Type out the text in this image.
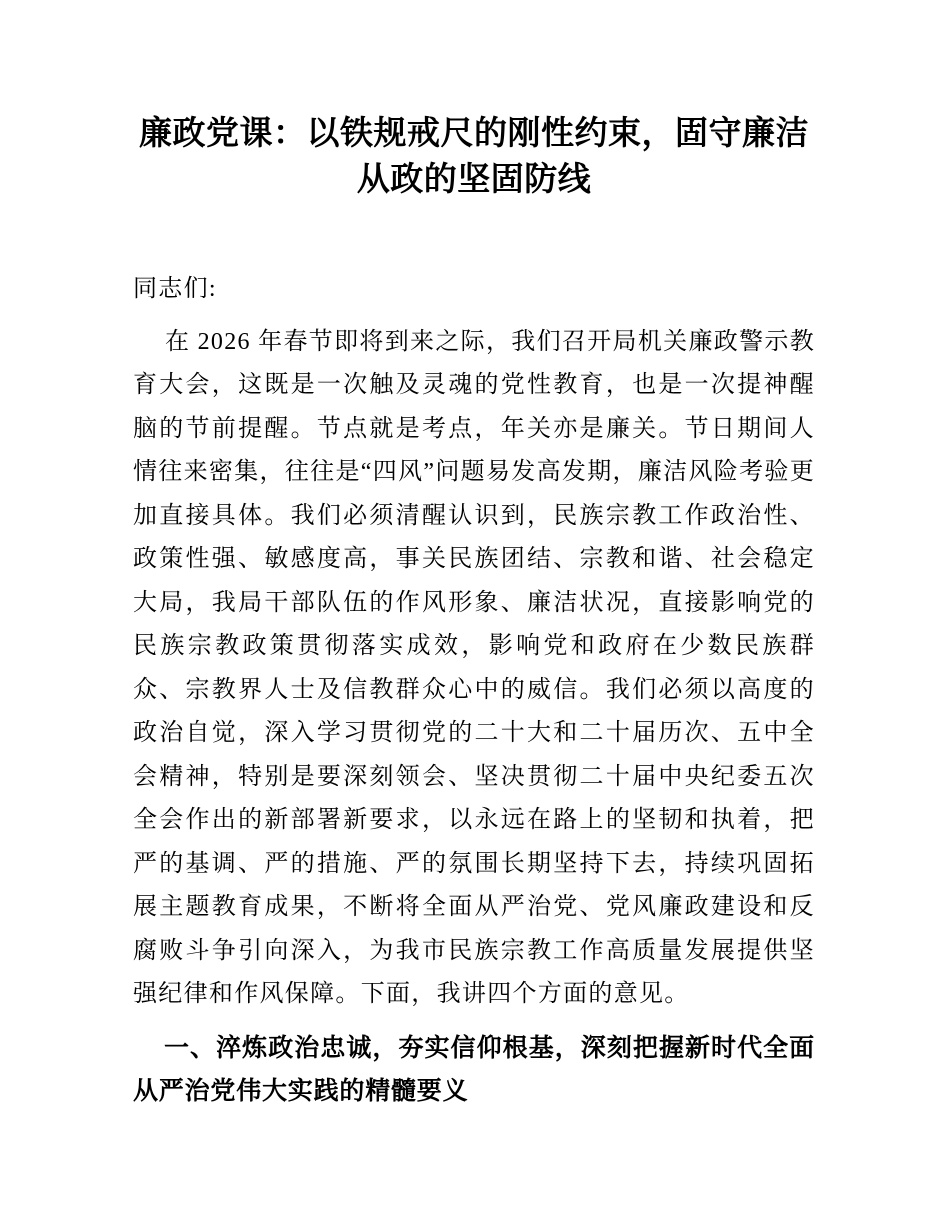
廉政党课：以铁规戒尺的刚性约束，固守廉洁
从政的坚固防线

同志们:

在 2026 年春节即将到来之际，我们召开局机关廉政警示教育大会，这既是一次触及灵魂的党性教育，也是一次提神醒脑的节前提醒。节点就是考点，年关亦是廉关。节日期间人情往来密集，往往是“四风”问题易发高发期，廉洁风险考验更加直接具体。我们必须清醒认识到，民族宗教工作政治性、政策性强、敏感度高，事关民族团结、宗教和谐、社会稳定大局，我局干部队伍的作风形象、廉洁状况，直接影响党的民族宗教政策贯彻落实成效，影响党和政府在少数民族群众、宗教界人士及信教群众心中的威信。我们必须以高度的政治自觉，深入学习贯彻党的二十大和二十届历次、五中全会精神，特别是要深刻领会、坚决贯彻二十届中央纪委五次全会作出的新部署新要求，以永远在路上的坚韧和执着，把严的基调、严的措施、严的氛围长期坚持下去，持续巩固拓展主题教育成果，不断将全面从严治党、党风廉政建设和反腐败斗争引向深入，为我市民族宗教工作高质量发展提供坚强纪律和作风保障。下面，我讲四个方面的意见。

一、淬炼政治忠诚，夯实信仰根基，深刻把握新时代全面从严治党伟大实践的精髓要义
